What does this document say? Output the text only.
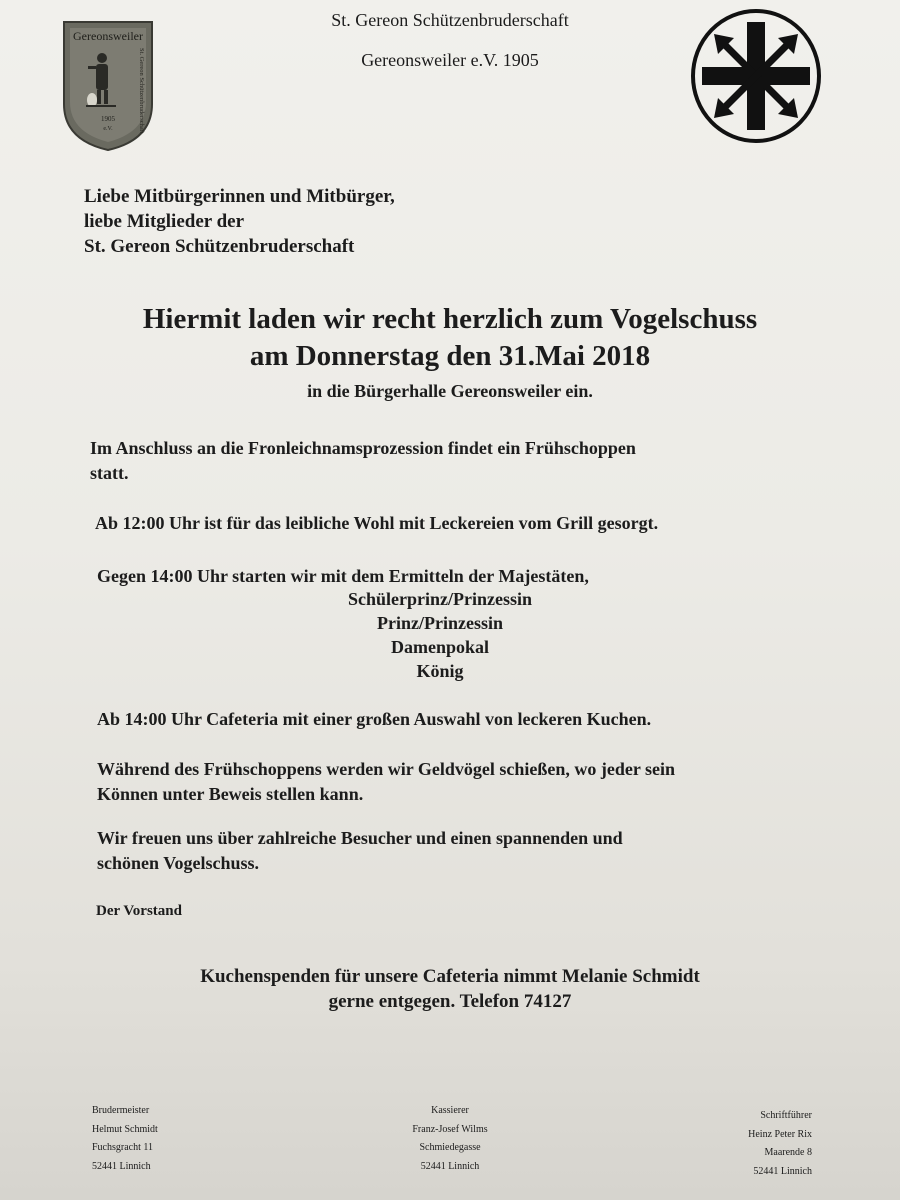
Gereonsweiler
St. Gereon Schützenbruderschaft
1905
e.V.
St. Gereon Schützenbruderschaft
Gereonsweiler e.V. 1905
Liebe Mitbürgerinnen und Mitbürger,
liebe Mitglieder der
St. Gereon Schützenbruderschaft
Hiermit laden wir recht herzlich zum Vogelschuss
am Donnerstag den 31.Mai 2018
in die Bürgerhalle Gereonsweiler ein.
Im Anschluss an die Fronleichnamsprozession findet ein Frühschoppen
statt.
Ab 12:00 Uhr ist für das leibliche Wohl mit Leckereien vom Grill gesorgt.
Gegen 14:00 Uhr starten wir mit dem Ermitteln der Majestäten,
Schülerprinz/Prinzessin
Prinz/Prinzessin
Damenpokal
König
Ab 14:00 Uhr Cafeteria mit einer großen Auswahl von leckeren Kuchen.
Während des Frühschoppens werden wir Geldvögel schießen, wo jeder sein
Können unter Beweis stellen kann.
Wir freuen uns über zahlreiche Besucher und einen spannenden und
schönen Vogelschuss.
Der Vorstand
Kuchenspenden für unsere Cafeteria nimmt Melanie Schmidt
gerne entgegen. Telefon 74127
Brudermeister
Helmut Schmidt
Fuchsgracht 11
52441 Linnich
Kassierer
Franz-Josef Wilms
Schmiedegasse
52441 Linnich
Schriftführer
Heinz Peter Rix
Maarende 8
52441 Linnich
